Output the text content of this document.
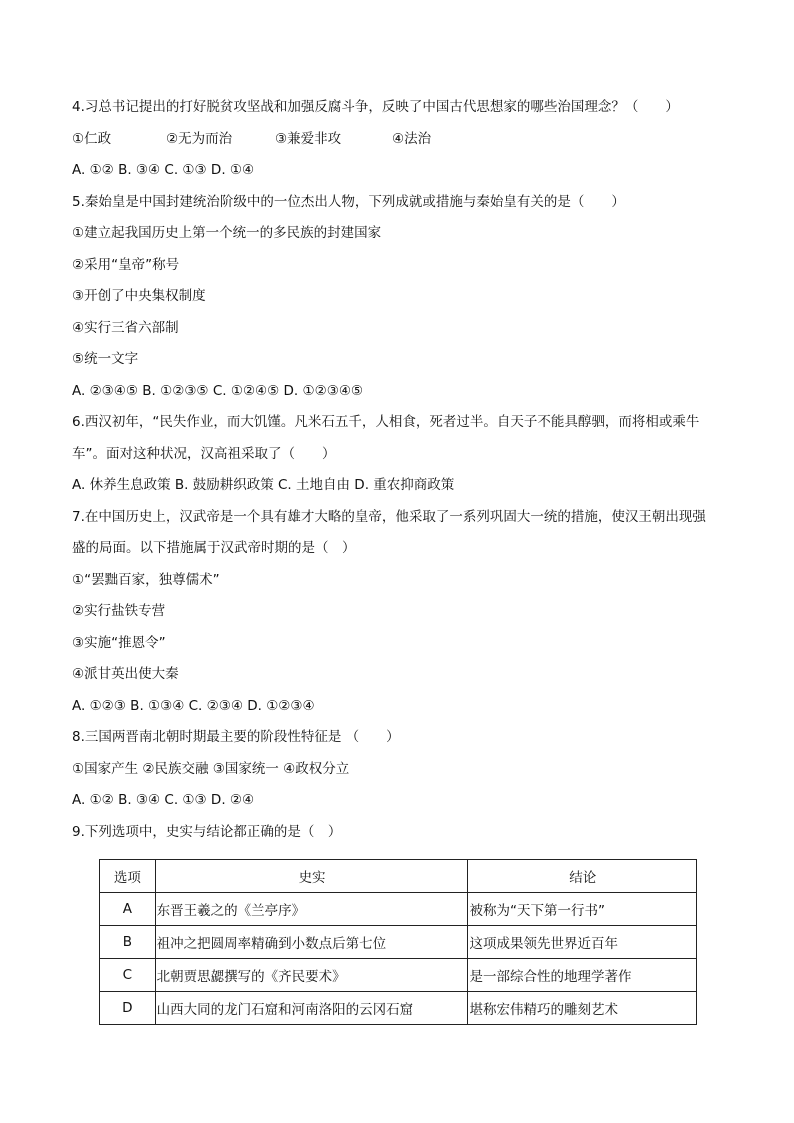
4.习总书记提出的打好脱贫攻坚战和加强反腐斗争，反映了中国古代思想家的哪些治国理念？（　　）

①仁政	②无为而治	③兼爱非攻	④法治

A. ①② B. ③④ C. ①③ D. ①④

5.秦始皇是中国封建统治阶级中的一位杰出人物，下列成就或措施与秦始皇有关的是（　　）

①建立起我国历史上第一个统一的多民族的封建国家

②采用“皇帝”称号

③开创了中央集权制度

④实行三省六部制

⑤统一文字

A. ②③④⑤ B. ①②③⑤ C. ①②④⑤ D. ①②③④⑤

6.西汉初年，“民失作业，而大饥馑。凡米石五千，人相食，死者过半。自天子不能具醇驷，而将相或乘牛

车”。面对这种状况，汉高祖采取了（　　）

A. 休养生息政策 B. 鼓励耕织政策 C. 土地自由 D. 重农抑商政策

7.在中国历史上，汉武帝是一个具有雄才大略的皇帝，他采取了一系列巩固大一统的措施，使汉王朝出现强

盛的局面。以下措施属于汉武帝时期的是（　）

①“罢黜百家，独尊儒术”

②实行盐铁专营

③实施“推恩令”

④派甘英出使大秦

A. ①②③ B. ①③④ C. ②③④ D. ①②③④

8.三国两晋南北朝时期最主要的阶段性特征是 （　　）

①国家产生 ②民族交融 ③国家统一 ④政权分立

A. ①② B. ③④ C. ①③ D. ②④

9.下列选项中，史实与结论都正确的是（　）

选项	史实	结论
A	东晋王羲之的《兰亭序》	被称为“天下第一行书”
B	祖冲之把圆周率精确到小数点后第七位	这项成果领先世界近百年
C	北朝贾思勰撰写的《齐民要术》	是一部综合性的地理学著作
D	山西大同的龙门石窟和河南洛阳的云冈石窟	堪称宏伟精巧的雕刻艺术
